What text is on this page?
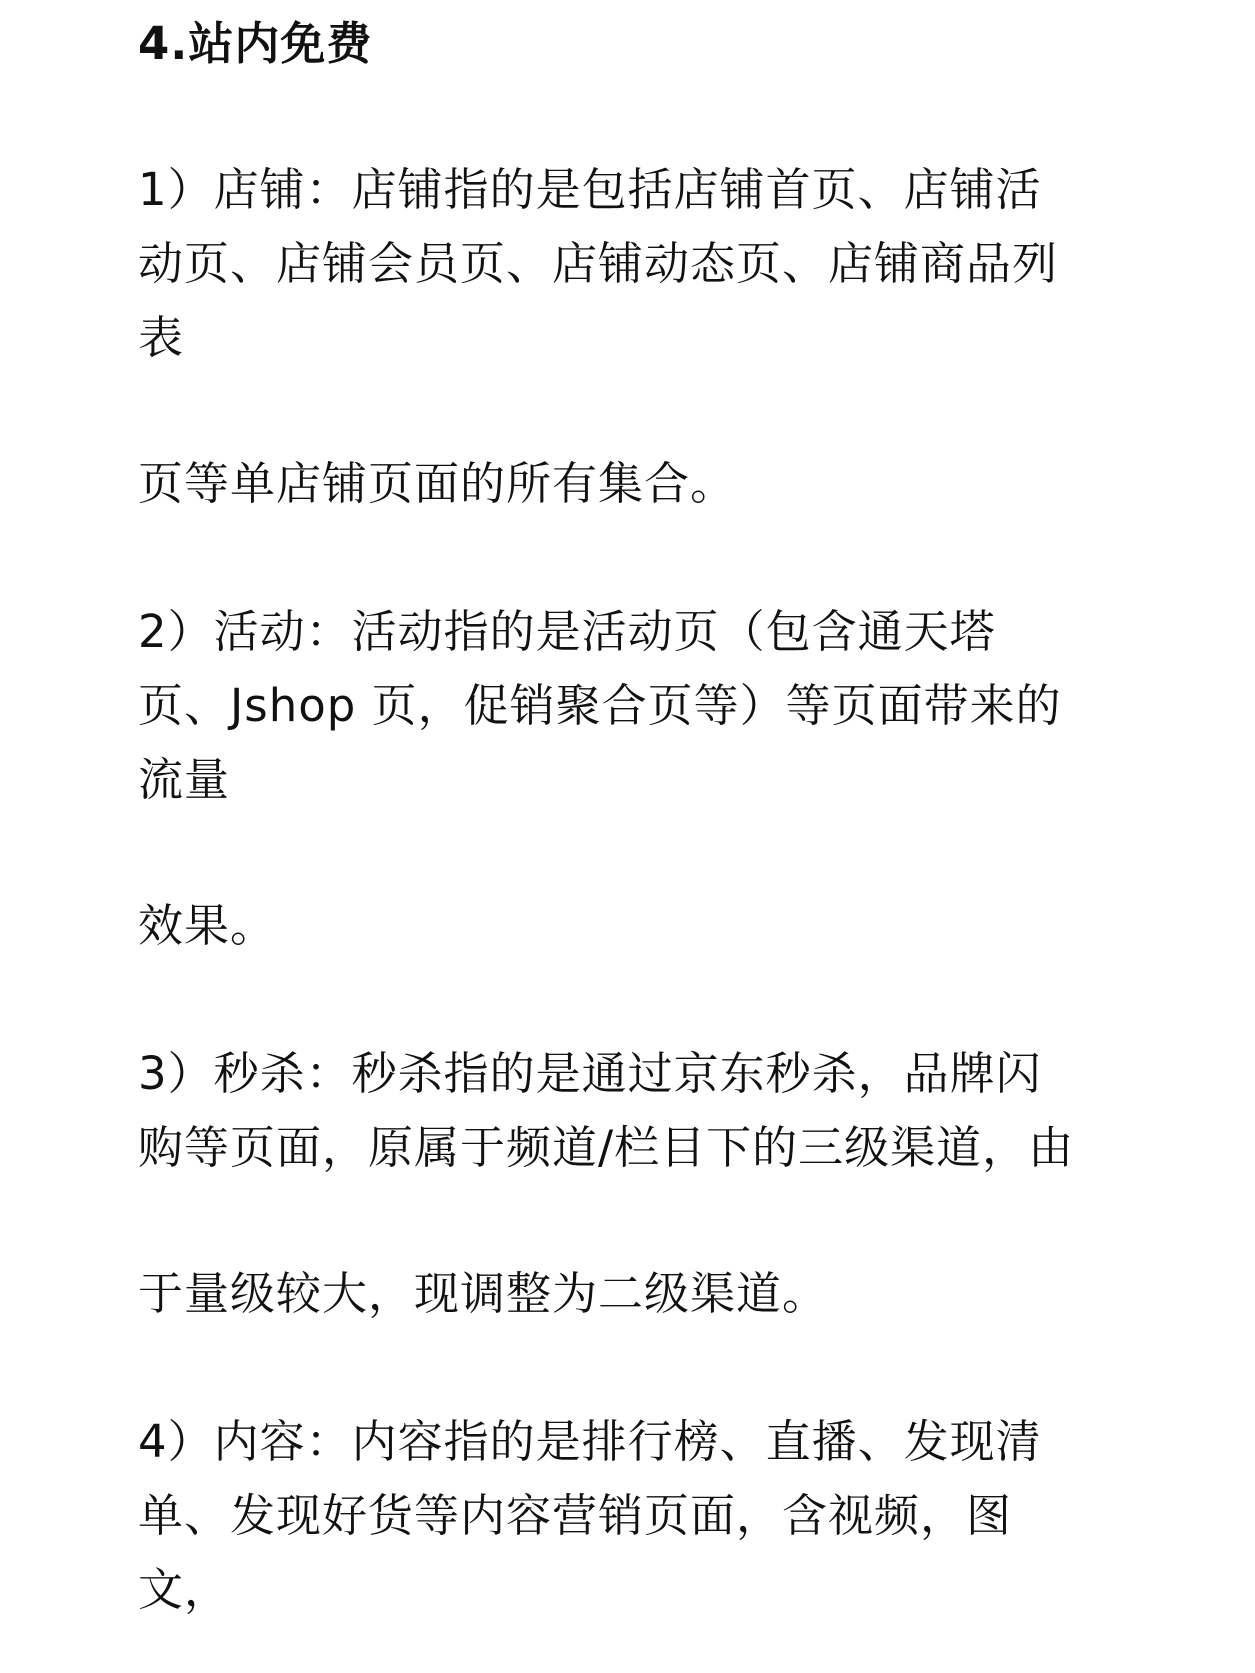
4.站内免费
1）店铺：店铺指的是包括店铺首页、店铺活
动页、店铺会员页、店铺动态页、店铺商品列
表
页等单店铺页面的所有集合。
2）活动：活动指的是活动页（包含通天塔
页、Jshop 页，促销聚合页等）等页面带来的
流量
效果。
3）秒杀：秒杀指的是通过京东秒杀，品牌闪
购等页面，原属于频道/栏目下的三级渠道，由
于量级较大，现调整为二级渠道。
4）内容：内容指的是排行榜、直播、发现清
单、发现好货等内容营销页面，含视频，图
文，
